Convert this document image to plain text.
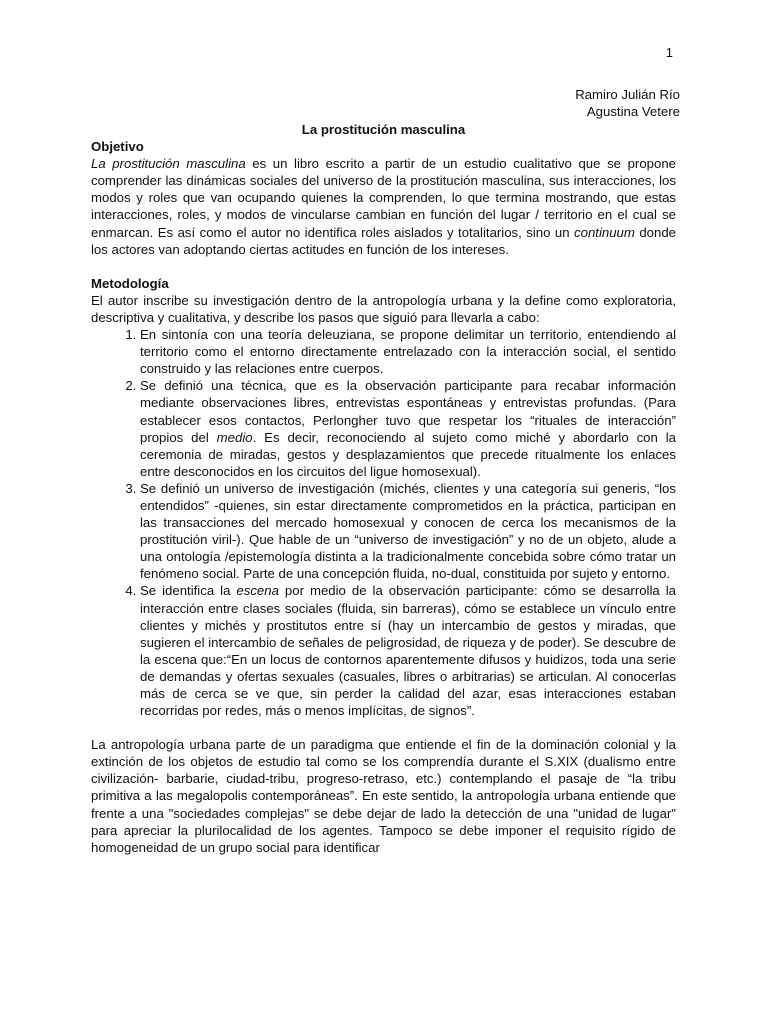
1
Ramiro Julián Río
Agustina Vetere
La prostitución masculina
Objetivo

La prostitución masculina es un libro escrito a partir de un estudio cualitativo que se propone comprender las dinámicas sociales del universo de la prostitución masculina, sus interacciones, los modos y roles que van ocupando quienes la comprenden, lo que termina mostrando, que estas interacciones, roles, y modos de vincularse cambian en función del lugar / territorio en el cual se enmarcan. Es así como el autor no identifica roles aislados y totalitarios, sino un continuum donde los actores van adoptando ciertas actitudes en función de los intereses.

Metodología

El autor inscribe su investigación dentro de la antropología urbana y la define como exploratoria, descriptiva y cualitativa, y describe los pasos que siguió para llevarla a cabo:

1. En sintonía con una teoría deleuziana, se propone delimitar un territorio, entendiendo al territorio como el entorno directamente entrelazado con la interacción social, el sentido construido y las relaciones entre cuerpos.
2. Se definió una técnica, que es la observación participante para recabar información mediante observaciones libres, entrevistas espontáneas y entrevistas profundas. (Para establecer esos contactos, Perlongher tuvo que respetar los “rituales de interacción” propios del medio. Es decir, reconociendo al sujeto como miché y abordarlo con la ceremonia de miradas, gestos y desplazamientos que precede ritualmente los enlaces entre desconocidos en los circuitos del ligue homosexual).
3. Se definió un universo de investigación (michés, clientes y una categoría sui generis, “los entendidos” -quienes, sin estar directamente comprometidos en la práctica, participan en las transacciones del mercado homosexual y conocen de cerca los mecanismos de la prostitución viril-). Que hable de un “universo de investigación” y no de un objeto, alude a una ontología /epistemología distinta a la tradicionalmente concebida sobre cómo tratar un fenómeno social. Parte de una concepción fluida, no-dual, constituida por sujeto y entorno.
4. Se identifica la escena por medio de la observación participante: cómo se desarrolla la interacción entre clases sociales (fluida, sin barreras), cómo se establece un vínculo entre clientes y michés y prostitutos entre sí (hay un intercambio de gestos y miradas, que sugieren el intercambio de señales de peligrosidad, de riqueza y de poder). Se descubre de la escena que:“En un locus de contornos aparentemente difusos y huidizos, toda una serie de demandas y ofertas sexuales (casuales, libres o arbitrarias) se articulan. Al conocerlas más de cerca se ve que, sin perder la calidad del azar, esas interacciones estaban recorridas por redes, más o menos implícitas, de signos”.

La antropología urbana parte de un paradigma que entiende el fin de la dominación colonial y la extinción de los objetos de estudio tal como se los comprendía durante el S.XIX (dualismo entre civilización- barbarie, ciudad-tribu, progreso-retraso, etc.) contemplando el pasaje de “la tribu primitiva a las megalopolis contemporáneas”. En este sentido, la antropología urbana entiende que frente a una "sociedades complejas" se debe dejar de lado la detección de una "unidad de lugar" para apreciar la plurilocalidad de los agentes. Tampoco se debe imponer el requisito rígido de homogeneidad de un grupo social para identificar
